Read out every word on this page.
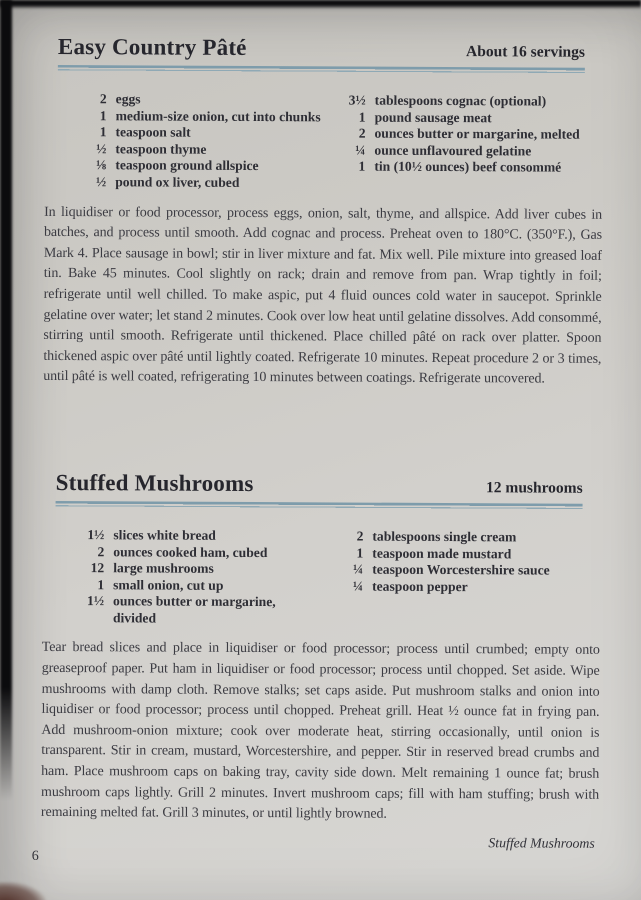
Easy Country Pâté	About 16 servings
2 eggs
1 medium-size onion, cut into chunks
1 teaspoon salt
½ teaspoon thyme
⅛ teaspoon ground allspice
½ pound ox liver, cubed
3½ tablespoons cognac (optional)
1 pound sausage meat
2 ounces butter or margarine, melted
¼ ounce unflavoured gelatine
1 tin (10½ ounces) beef consommé

In liquidiser or food processor, process eggs, onion, salt, thyme, and allspice. Add liver cubes in batches, and process until smooth. Add cognac and process. Preheat oven to 180°C. (350°F.), Gas Mark 4. Place sausage in bowl; stir in liver mixture and fat. Mix well. Pile mixture into greased loaf tin. Bake 45 minutes. Cool slightly on rack; drain and remove from pan. Wrap tightly in foil; refrigerate until well chilled. To make aspic, put 4 fluid ounces cold water in saucepot. Sprinkle gelatine over water; let stand 2 minutes. Cook over low heat until gelatine dissolves. Add consommé, stirring until smooth. Refrigerate until thickened. Place chilled pâté on rack over platter. Spoon thickened aspic over pâté until lightly coated. Refrigerate 10 minutes. Repeat procedure 2 or 3 times, until pâté is well coated, refrigerating 10 minutes between coatings. Refrigerate uncovered.

Stuffed Mushrooms	12 mushrooms
1½ slices white bread
2 ounces cooked ham, cubed
12 large mushrooms
1 small onion, cut up
1½ ounces butter or margarine, divided
2 tablespoons single cream
1 teaspoon made mustard
¼ teaspoon Worcestershire sauce
¼ teaspoon pepper

Tear bread slices and place in liquidiser or food processor; process until crumbed; empty onto greaseproof paper. Put ham in liquidiser or food processor; process until chopped. Set aside. Wipe mushrooms with damp cloth. Remove stalks; set caps aside. Put mushroom stalks and onion into liquidiser or food processor; process until chopped. Preheat grill. Heat ½ ounce fat in frying pan. Add mushroom-onion mixture; cook over moderate heat, stirring occasionally, until onion is transparent. Stir in cream, mustard, Worcestershire, and pepper. Stir in reserved bread crumbs and ham. Place mushroom caps on baking tray, cavity side down. Melt remaining 1 ounce fat; brush mushroom caps lightly. Grill 2 minutes. Invert mushroom caps; fill with ham stuffing; brush with remaining melted fat. Grill 3 minutes, or until lightly browned.

Stuffed Mushrooms
6
